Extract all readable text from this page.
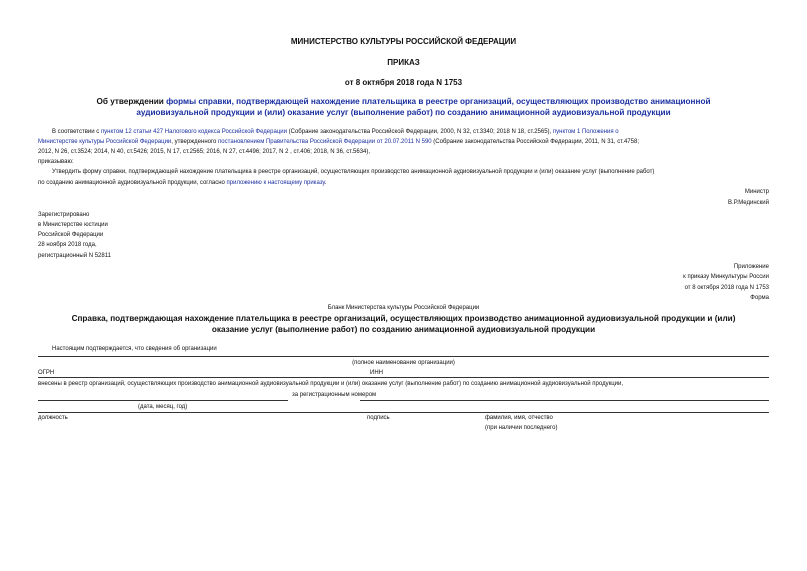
МИНИСТЕРСТВО КУЛЬТУРЫ РОССИЙСКОЙ ФЕДЕРАЦИИ
ПРИКАЗ
от 8 октября 2018 года N 1753
Об утверждении формы справки, подтверждающей нахождение плательщика в реестре организаций, осуществляющих производство анимационной
аудиовизуальной продукции и (или) оказание услуг (выполнение работ) по созданию анимационной аудиовизуальной продукции
В соответствии с пунктом 12 статьи 427 Налогового кодекса Российской Федерации (Собрание законодательства Российской Федерации, 2000, N 32, ст.3340; 2018 N 18, ст.2565), пунктом 1 Положения о
Министерстве культуры Российской Федерации, утвержденного постановлением Правительства Российской Федерации от 20.07.2011 N 590 (Собрание законодательства Российской Федерации, 2011, N 31, ст.4758;
2012, N 26, ст.3524; 2014, N 40, ст.5426; 2015, N 17, ст.2565; 2016, N 27, ст.4496; 2017, N 2 , ст.406; 2018, N 36, ст.5634),
приказываю:
Утвердить форму справки, подтверждающей нахождение плательщика в реестре организаций, осуществляющих производство анимационной аудиовизуальной продукции и (или) оказание услуг (выполнение работ)
по созданию анимационной аудиовизуальной продукции, согласно приложению к настоящему приказу.
Министр
В.Р.Мединский
Зарегистрировано
в Министерстве юстиции
Российской Федерации
28 ноября 2018 года,
регистрационный N 52811
Приложение
к приказу Минкультуры России
от 8 октября 2018 года N 1753
Форма
Бланк Министерства культуры Российской Федерации
Справка, подтверждающая нахождение плательщика в реестре организаций, осуществляющих производство анимационной аудиовизуальной продукции и (или)
оказание услуг (выполнение работ) по созданию анимационной аудиовизуальной продукции
Настоящим подтверждается, что сведения об организации
(полное наименование организации)
ОГРН	ИНН
внесены в реестр организаций, осуществляющих производство анимационной аудиовизуальной продукции и (или) оказание услуг (выполнение работ) по созданию анимационной аудиовизуальной продукции,
за регистрационным номером
(дата, месяц, год)
должность	подпись	фамилия, имя, отчество
(при наличии последнего)
